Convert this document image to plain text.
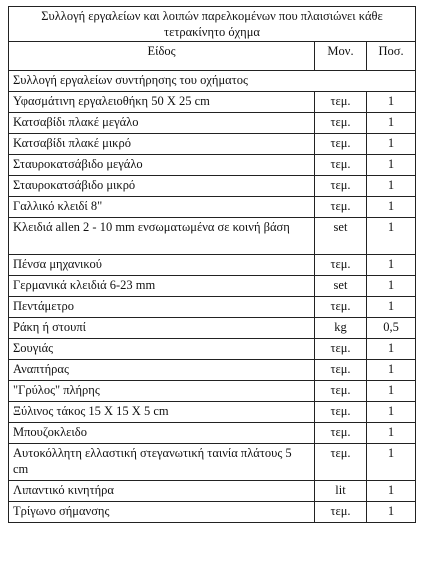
Συλλογή εργαλείων και λοιπών παρελκομένων που πλαισιώνει κάθε τετρακίνητο όχημα		
Είδος	Μον.	Ποσ.
Συλλογή εργαλείων συντήρησης του οχήματος		
Υφασμάτινη εργαλειοθήκη 50 Χ 25 cm	τεμ.	1
Κατσαβίδι πλακέ μεγάλο	τεμ.	1
Κατσαβίδι πλακέ μικρό	τεμ.	1
Σταυροκατσάβιδο μεγάλο	τεμ.	1
Σταυροκατσάβιδο μικρό	τεμ.	1
Γαλλικό κλειδί 8"	τεμ.	1
Κλειδιά allen 2 - 10 mm ενσωματωμένα σε κοινή βάση	set	1
Πένσα μηχανικού	τεμ.	1
Γερμανικά κλειδιά 6-23 mm	set	1
Πεντάμετρο	τεμ.	1
Ράκη ή στουπί	kg	0,5
Σουγιάς	τεμ.	1
Αναπτήρας	τεμ.	1
"Γρύλος" πλήρης	τεμ.	1
Ξύλινος τάκος 15 Χ 15 Χ 5 cm	τεμ.	1
Μπουζοκλειδο	τεμ.	1
Αυτοκόλλητη ελλαστική στεγανωτική ταινία πλάτους 5 cm	τεμ.	1
Λιπαντικό κινητήρα	lit	1
Τρίγωνο σήμανσης	τεμ.	1
